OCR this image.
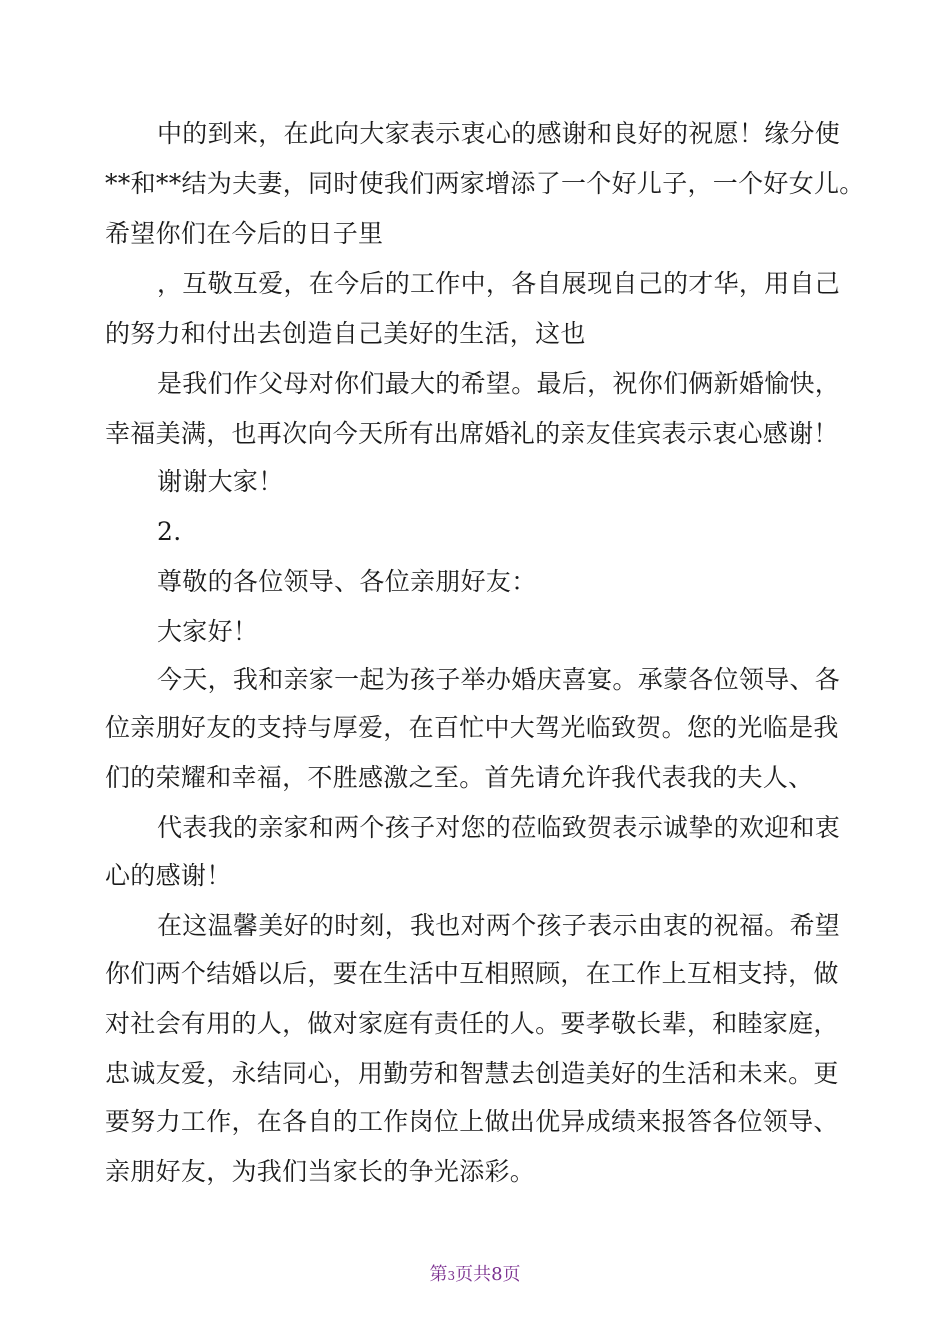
中的到来，在此向大家表示衷心的感谢和良好的祝愿！缘分使
**和**结为夫妻，同时使我们两家增添了一个好儿子，一个好女儿。
希望你们在今后的日子里
，互敬互爱，在今后的工作中，各自展现自己的才华，用自己
的努力和付出去创造自己美好的生活，这也
是我们作父母对你们最大的希望。最后，祝你们俩新婚愉快，
幸福美满，也再次向今天所有出席婚礼的亲友佳宾表示衷心感谢！
谢谢大家！
2.
尊敬的各位领导、各位亲朋好友：
大家好！
今天，我和亲家一起为孩子举办婚庆喜宴。承蒙各位领导、各
位亲朋好友的支持与厚爱，在百忙中大驾光临致贺。您的光临是我
们的荣耀和幸福，不胜感激之至。首先请允许我代表我的夫人、
代表我的亲家和两个孩子对您的莅临致贺表示诚挚的欢迎和衷
心的感谢！
在这温馨美好的时刻，我也对两个孩子表示由衷的祝福。希望
你们两个结婚以后，要在生活中互相照顾，在工作上互相支持，做
对社会有用的人，做对家庭有责任的人。要孝敬长辈，和睦家庭，
忠诚友爱，永结同心，用勤劳和智慧去创造美好的生活和未来。更
要努力工作，在各自的工作岗位上做出优异成绩来报答各位领导、
亲朋好友，为我们当家长的争光添彩。
第3页共8页
